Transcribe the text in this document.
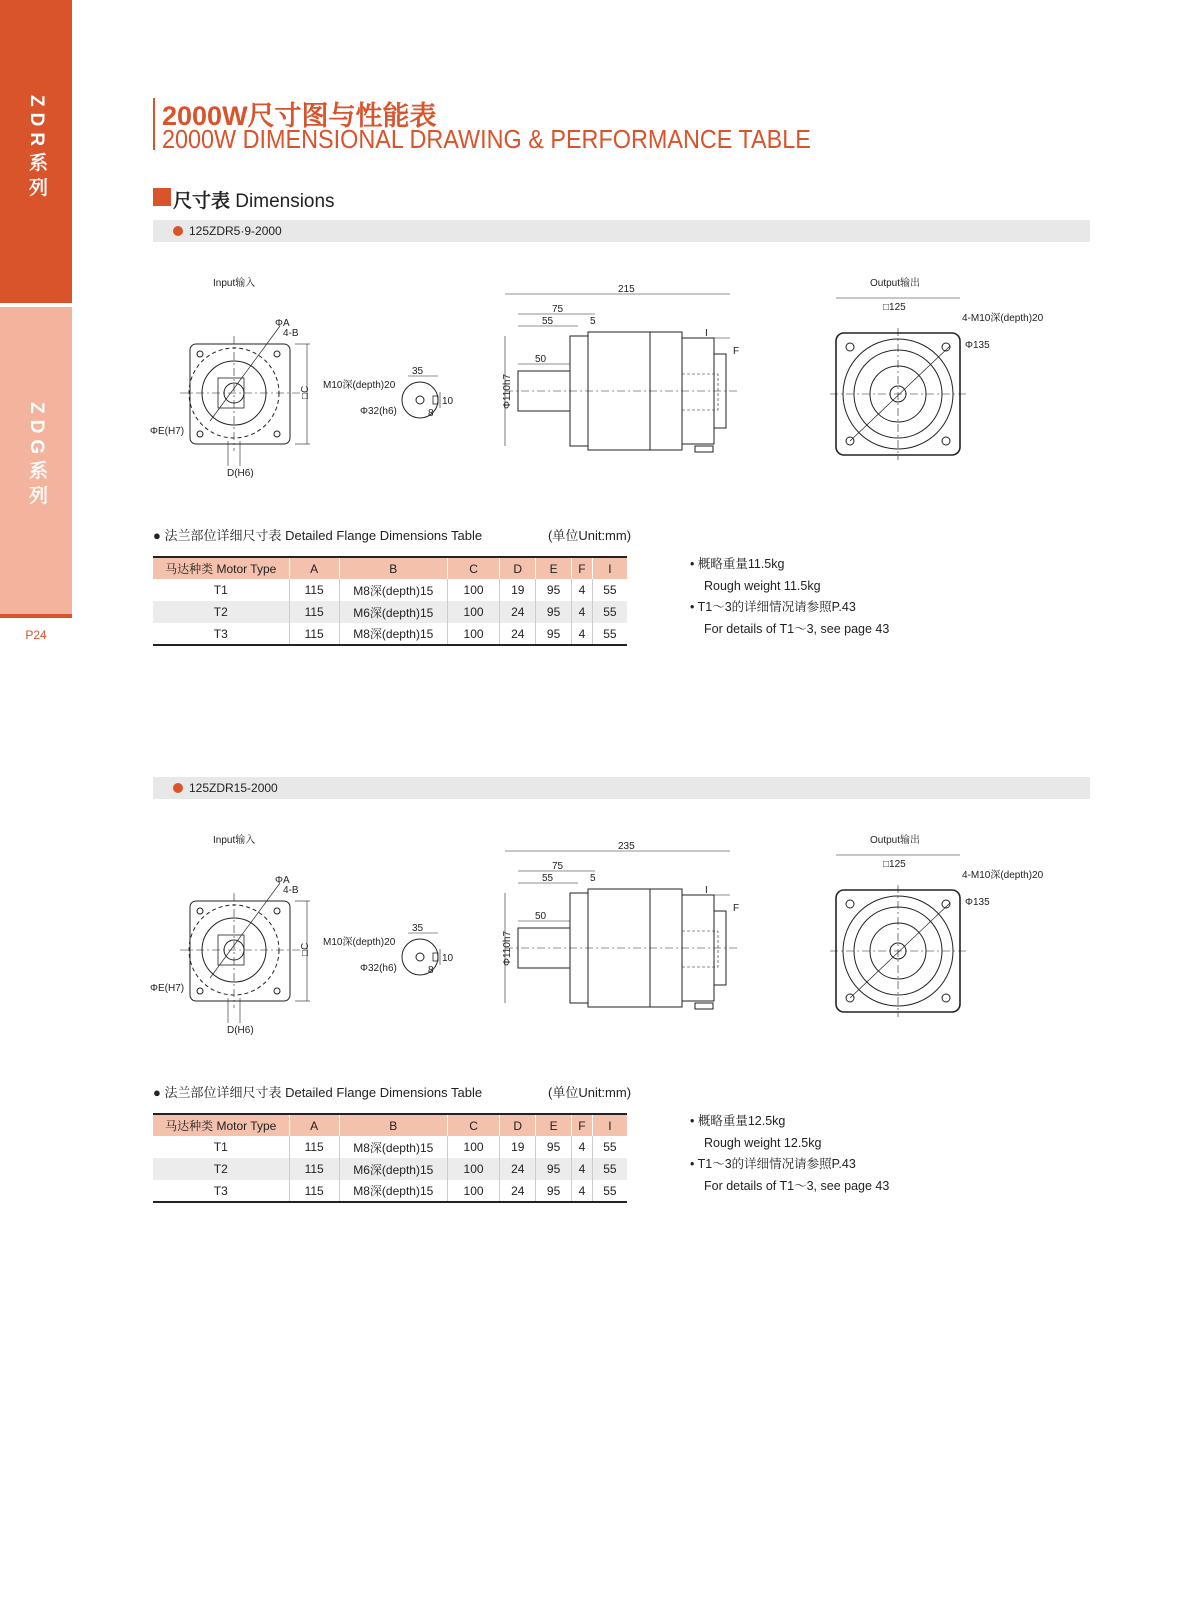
ZDR系列
ZDG系列
P24
2000W尺寸图与性能表
2000W DIMENSIONAL DRAWING & PERFORMANCE TABLE
尺寸表 Dimensions
125ZDR5·9-2000
Input输入
ΦA
4-B
□C
ΦE(H7)
D(H6)
35
M10深(depth)20
Φ32(h6)
10
8
215
75
55	5
I
50
Φ110h7
F
Output输出
□125
4-M10深(depth)20
Φ135
● 法兰部位详细尺寸表 Detailed Flange Dimensions Table	(单位Unit:mm)
马达种类 Motor Type	A	B	C	D	E	F	I
T1	115	M8深(depth)15	100	19	95	4	55
T2	115	M6深(depth)15	100	24	95	4	55
T3	115	M8深(depth)15	100	24	95	4	55
• 概略重量11.5kg
Rough weight 11.5kg
• T1～3的详细情况请参照P.43
For details of T1～3, see page 43
125ZDR15-2000
Input输入
ΦA
4-B
□C
ΦE(H7)
D(H6)
35
M10深(depth)20
Φ32(h6)
10
8
235
75
55	5
I
50
Φ110h7
F
Output输出
□125
4-M10深(depth)20
Φ135
● 法兰部位详细尺寸表 Detailed Flange Dimensions Table	(单位Unit:mm)
马达种类 Motor Type	A	B	C	D	E	F	I
T1	115	M8深(depth)15	100	19	95	4	55
T2	115	M6深(depth)15	100	24	95	4	55
T3	115	M8深(depth)15	100	24	95	4	55
• 概略重量12.5kg
Rough weight 12.5kg
• T1～3的详细情况请参照P.43
For details of T1～3, see page 43
